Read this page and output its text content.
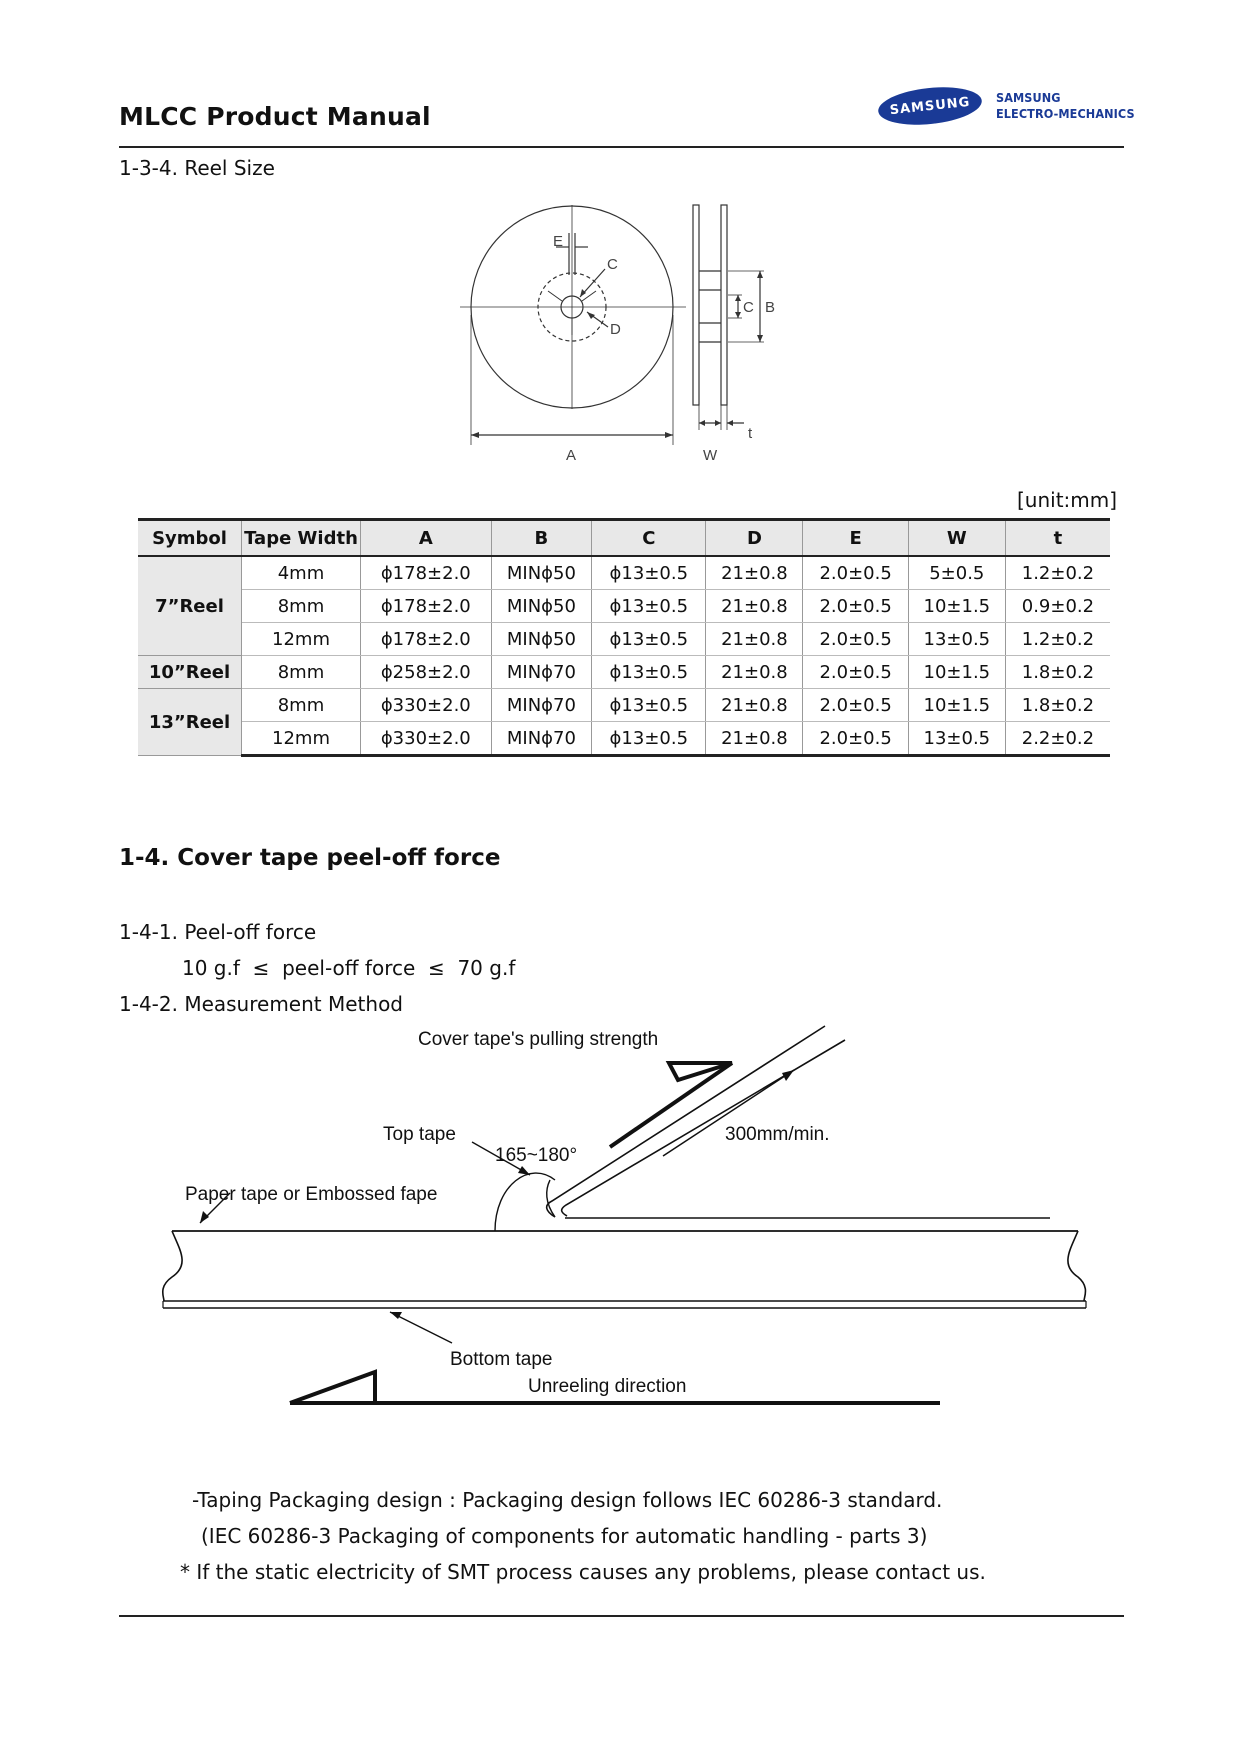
MLCC Product Manual	SAMSUNG SAMSUNG
ELECTRO-MECHANICS
1-3-4. Reel Size
E
C
D
A
C B
W
t
[unit:mm]
Symbol	Tape Width	A	B	C	D	E	W	t
7”Reel	4mm	ϕ178±2.0	MINϕ50	ϕ13±0.5	21±0.8	2.0±0.5	5±0.5	1.2±0.2
	8mm	ϕ178±2.0	MINϕ50	ϕ13±0.5	21±0.8	2.0±0.5	10±1.5	0.9±0.2
	12mm	ϕ178±2.0	MINϕ50	ϕ13±0.5	21±0.8	2.0±0.5	13±0.5	1.2±0.2
10”Reel	8mm	ϕ258±2.0	MINϕ70	ϕ13±0.5	21±0.8	2.0±0.5	10±1.5	1.8±0.2
13”Reel	8mm	ϕ330±2.0	MINϕ70	ϕ13±0.5	21±0.8	2.0±0.5	10±1.5	1.8±0.2
	12mm	ϕ330±2.0	MINϕ70	ϕ13±0.5	21±0.8	2.0±0.5	13±0.5	2.2±0.2
1-4. Cover tape peel-off force
1-4-1. Peel-off force
10 g.f  ≤  peel-off force  ≤  70 g.f
1-4-2. Measurement Method
Cover tape's pulling strength
Top tape
165~180°
300mm/min.
Paper tape or Embossed fape
Bottom tape
Unreeling direction
-Taping Packaging design : Packaging design follows IEC 60286-3 standard.
(IEC 60286-3 Packaging of components for automatic handling - parts 3)
* If the static electricity of SMT process causes any problems, please contact us.
